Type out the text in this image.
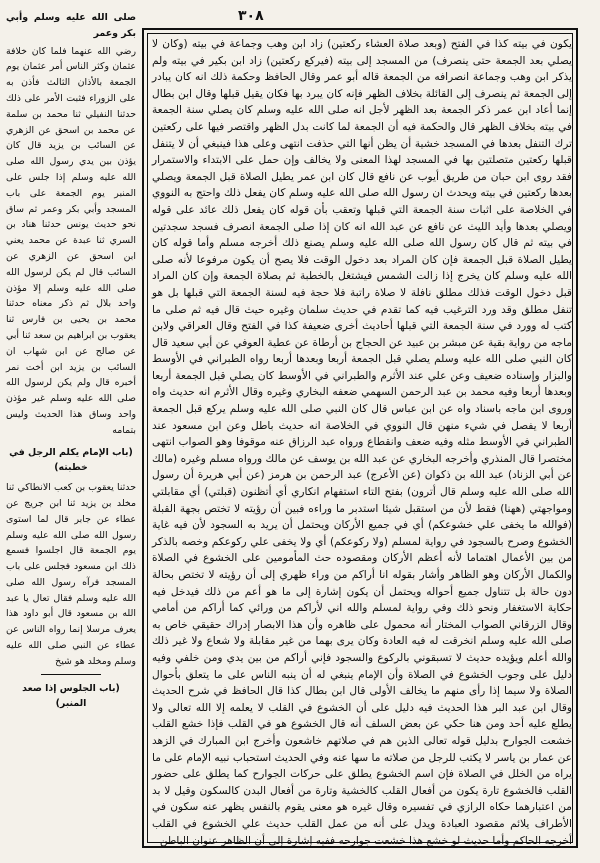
٣٠٨

يكون في بيته كذا في الفتح (وبعد صلاة العشاء ركعتين) زاد ابن وهب وجماعة في بيته (وكان لا يصلي بعد الجمعة حتى ينصرف) من المسجد إلى بيته (فيركع ركعتين) زاد ابن بكير في بيته ولم يذكر ابن وهب وجماعة انصرافه من الجمعة قاله أبو عمر وقال الحافظ وحكمة ذلك انه كان يبادر إلى الجمعة ثم ينصرف إلى القائلة بخلاف الظهر فإنه كان يبرد بها فكان يقيل قبلها وقال ابن بطال إنما أعاد ابن عمر ذكر الجمعة بعد الظهر لأجل انه صلى الله عليه وسلم كان يصلي سنة الجمعة في بيته بخلاف الظهر قال والحكمة فيه أن الجمعة لما كانت بدل الظهر واقتصر فيها على ركعتين ترك التنفل بعدها في المسجد خشية أن يظن أنها التي حذفت انتهى وعلى هذا فينبغي أن لا يتنفل قبلها ركعتين متصلتين بها في المسجد لهذا المعنى ولا يخالف وإن حمل على الابتداء والاستمرار فقد روى ابن حبان من طريق أيوب عن نافع قال كان ابن عمر يطيل الصلاة قبل الجمعة ويصلي بعدها ركعتين في بيته ويحدث ان رسول الله صلى الله عليه وسلم كان يفعل ذلك واحتج به النووي في الخلاصة على اثبات سنة الجمعة التي قبلها وتعقب بأن قوله كان يفعل ذلك عائد على قوله ويصلي بعدها وأيد الليث عن نافع عن عبد الله انه كان إذا صلى الجمعة انصرف فسجد سجدتين في بيته ثم قال كان رسول الله صلى الله عليه وسلم يصنع ذلك أخرجه مسلم وأما قوله كان يطيل الصلاة قبل الجمعة فإن كان المراد بعد دخول الوقت فلا يصح أن يكون مرفوعا لأنه صلى الله عليه وسلم كان يخرج إذا زالت الشمس فيشتغل بالخطبة ثم بصلاة الجمعة وإن كان المراد قبل دخول الوقت فذلك مطلق نافلة لا صلاة راتبة فلا حجة فيه لسنة الجمعة التي قبلها بل هو تنفل مطلق وقد ورد الترغيب فيه كما تقدم في حديث سلمان وغيره حيث قال فيه ثم صلى ما كتب له وورد في سنة الجمعة التي قبلها أحاديث أخرى ضعيفة كذا في الفتح وقال العراقي ولابن ماجه من رواية بقية عن مبشر بن عبيد عن الحجاج بن أرطاة عن عطية العوفي عن أبي سعيد قال كان النبي صلى الله عليه وسلم يصلي قبل الجمعة أربعا وبعدها أربعا رواه الطبراني في الأوسط والبزار وإسناده ضعيف وعن علي عند الأثرم والطبراني في الأوسط كان يصلي قبل الجمعة أربعا وبعدها أربعا وفيه محمد بن عبد الرحمن السهمي ضعفه البخاري وغيره وقال الأثرم انه حديث واه وروى ابن ماجه باسناد واه عن ابن عباس قال كان النبي صلى الله عليه وسلم يركع قبل الجمعة أربعا لا يفصل في شيء منهن قال النووي في الخلاصة انه حديث باطل وعن ابن مسعود عند الطبراني في الأوسط مثله وفيه ضعف وانقطاع ورواه عبد الرزاق عنه موقوفا وهو الصواب انتهى مختصرا قال المنذري وأخرجه البخاري عن عبد الله بن يوسف عن مالك ورواه مسلم وغيره (مالك عن أبي الزناد) عبد الله بن ذكوان (عن الأعرج) عبد الرحمن بن هرمز (عن أبي هريرة أن رسول الله صلى الله عليه وسلم قال أترون) بفتح التاء استفهام انكاري أي أتظنون (قبلتي) أي مقابلتي ومواجهتي (ههنا) فقط لأن من استقبل شيئا استدبر ما وراءه فبين أن رؤيته لا تختص بجهة القبلة (فوالله ما يخفى علي خشوعكم) أي في جميع الأركان ويحتمل أن يريد به السجود لأن فيه غاية الخشوع وصرح بالسجود في رواية لمسلم (ولا ركوعكم) أي ولا يخفى علي ركوعكم وخصه بالذكر من بين الأعمال اهتماما لأنه أعظم الأركان ومقصوده حث المأمومين على الخشوع في الصلاة والكمال الأركان وهو الظاهر وأشار بقوله انا أراكم من وراء ظهري إلى أن رؤيته لا تختص بحالة دون حالة بل تتناول جميع أحواله ويحتمل أن يكون إشارة إلى ما هو أعم من ذلك فيدخل فيه حكاية الاستغفار ونحو ذلك وفي رواية لمسلم والله اني لأراكم من ورائي كما أراكم من أمامي وقال الزرقاني الصواب المختار أنه محمول على ظاهره وأن هذا الابصار إدراك حقيقي خاص به صلى الله عليه وسلم انخرقت له فيه العادة وكان يرى بهما من غير مقابلة ولا شعاع ولا غير ذلك والله أعلم ويؤيده حديث لا تسبقوني بالركوع والسجود فإني أراكم من بين يدي ومن خلفي وفيه دليل على وجوب الخشوع في الصلاة وأن الإمام ينبغي له أن ينبه الناس على ما يتعلق بأحوال الصلاة ولا سيما إذا رأى منهم ما يخالف الأولى قال ابن بطال كذا قال الحافظ في شرح الحديث وقال ابن عبد البر هذا الحديث فيه دليل على أن الخشوع في القلب لا يعلمه إلا الله تعالى ولا يطلع عليه أحد ومن هنا حكي عن بعض السلف أنه قال الخشوع هو في القلب فإذا خشع القلب خشعت الجوارح بدليل قوله تعالى الذين هم في صلاتهم خاشعون وأخرج ابن المبارك في الزهد عن عمار بن ياسر لا يكتب للرجل من صلاته ما سها عنه وفي الحديث استحباب نبيه الإمام على ما يراه من الخلل في الصلاة فإن اسم الخشوع يطلق على حركات الجوارح كما يطلق على حضور القلب فالخشوع تارة يكون من أفعال القلب كالخشية وتارة من أفعال البدن كالسكون وقيل لا بد من اعتبارهما حكاه الرازي في تفسيره وقال غيره هو معنى يقوم بالنفس يظهر عنه سكون في الأطراف يلائم مقصود العبادة ويدل على أنه من عمل القلب حديث علي الخشوع في القلب أخرجه الحاكم وأما حديث لو خشع هذا خشعت جوارحه ففيه إشارة إلى أن الظاهر عنوان الباطن

صلى الله عليه وسلم وأبي بكر وعمر

رضي الله عنهما فلما كان خلافة عثمان وكثر الناس أمر عثمان يوم الجمعة بالأذان الثالث فأذن به على الزوراء فثبت الأمر على ذلك حدثنا النفيلي ثنا محمد بن سلمة عن محمد بن اسحق عن الزهري عن السائب بن يزيد قال كان يؤذن بين يدي رسول الله صلى الله عليه وسلم إذا جلس على المنبر يوم الجمعة على باب المسجد وأبي بكر وعمر ثم ساق نحو حديث يونس حدثنا هناد بن السري ثنا عبدة عن محمد يعني ابن اسحق عن الزهري عن السائب قال لم يكن لرسول الله صلى الله عليه وسلم إلا مؤذن واحد بلال ثم ذكر معناه حدثنا محمد بن يحيى بن فارس ثنا يعقوب بن ابراهيم بن سعد ثنا أبي عن صالح عن ابن شهاب ان السائب بن يزيد ابن أخت نمر أخبره قال ولم يكن لرسول الله صلى الله عليه وسلم غير مؤذن واحد وساق هذا الحديث وليس بتمامه

(باب الإمام يكلم الرجل في خطبته)

حدثنا يعقوب بن كعب الانطاكي ثنا مخلد بن يزيد ثنا ابن جريج عن عطاء عن جابر قال لما استوى رسول الله صلى الله عليه وسلم يوم الجمعة قال اجلسوا فسمع ذلك ابن مسعود فجلس على باب المسجد فرآه رسول الله صلى الله عليه وسلم فقال تعال يا عبد الله بن مسعود قال أبو داود هذا يعرف مرسلا إنما رواه الناس عن عطاء عن النبي صلى الله عليه وسلم ومخلد هو شيخ

(باب الجلوس إذا صعد المنبر)
